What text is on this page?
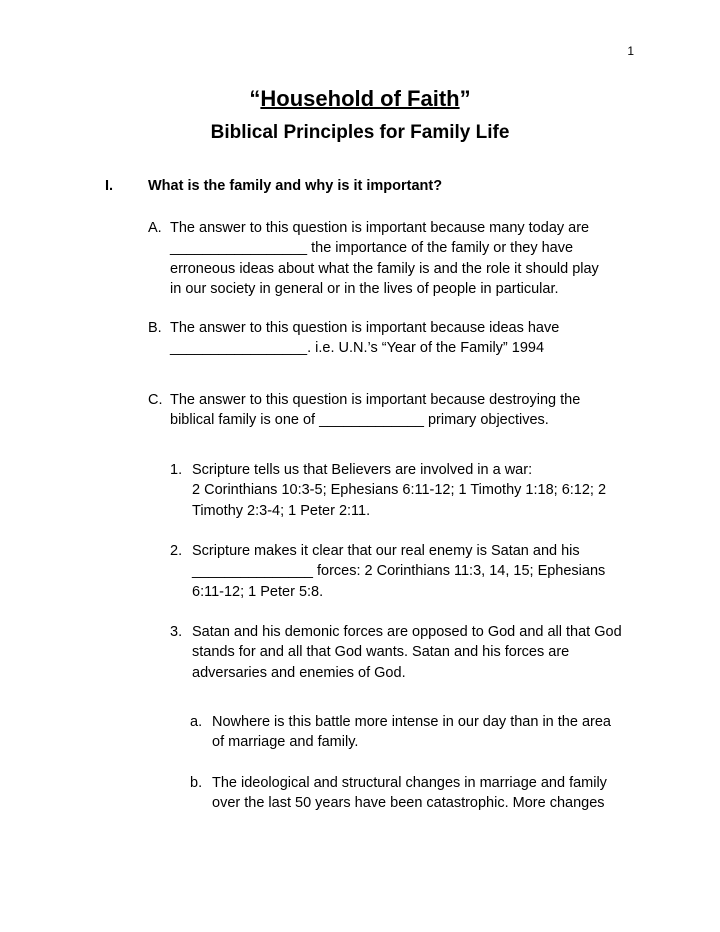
1
“Household of Faith”
Biblical Principles for Family Life
I. What is the family and why is it important?
A. The answer to this question is important because many today are
_________________ the importance of the family or they have
erroneous ideas about what the family is and the role it should play
in our society in general or in the lives of people in particular.
B. The answer to this question is important because ideas have
_________________. i.e. U.N.’s “Year of the Family” 1994
C. The answer to this question is important because destroying the
biblical family is one of _____________ primary objectives.
1. Scripture tells us that Believers are involved in a war:
2 Corinthians 10:3-5; Ephesians 6:11-12; 1 Timothy 1:18; 6:12; 2
Timothy 2:3-4; 1 Peter 2:11.
2. Scripture makes it clear that our real enemy is Satan and his
_______________ forces: 2 Corinthians 11:3, 14, 15; Ephesians
6:11-12; 1 Peter 5:8.
3. Satan and his demonic forces are opposed to God and all that God
stands for and all that God wants. Satan and his forces are
adversaries and enemies of God.
a. Nowhere is this battle more intense in our day than in the area
of marriage and family.
b. The ideological and structural changes in marriage and family
over the last 50 years have been catastrophic. More changes
